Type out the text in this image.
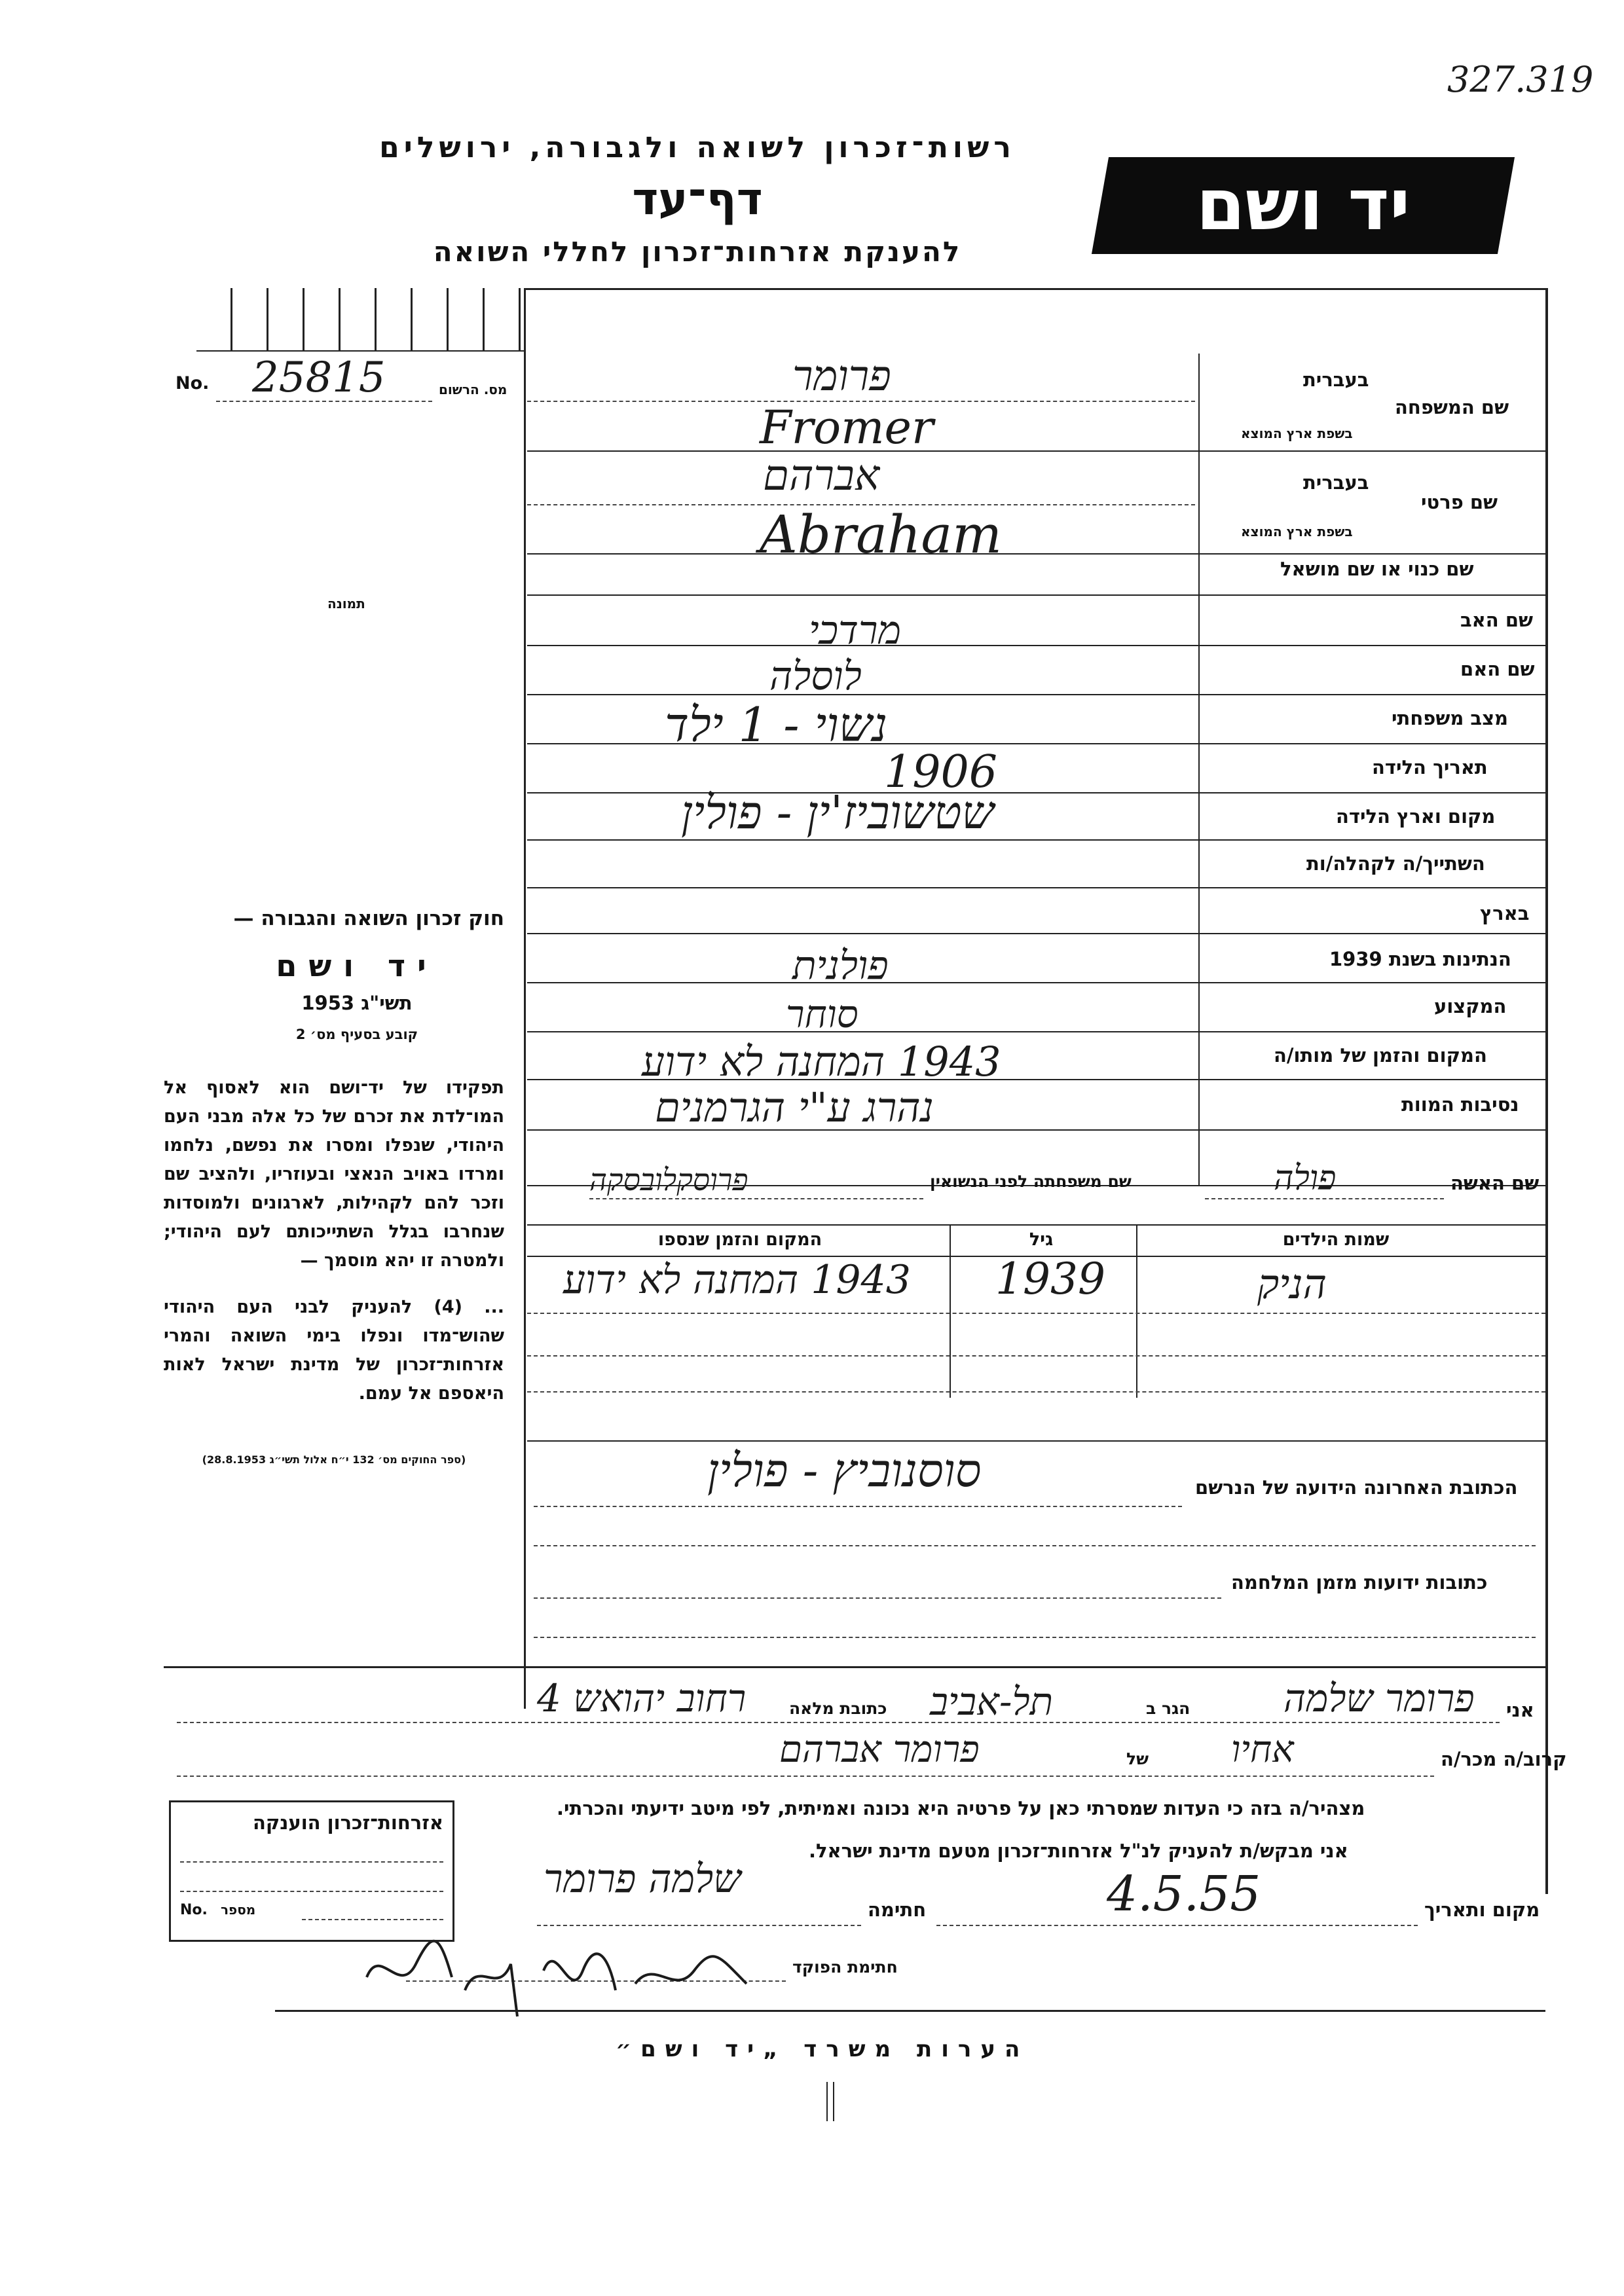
327.319
רשות־זכרון לשואה ולגבורה, ירושלים
דף־עד
להענקת אזרחות־זכרון לחללי השואה
יד ושם
No. 25815	מס. הרשום
תמונה
בעברית
שם המשפחה
בשפת ארץ המוצא
בעברית
שם פרטי
בשפת ארץ המוצא
שם כנוי או שם מושאל
שם האב
שם האם
מצב משפחתי
תאריך הלידה
מקום וארץ הלידה
השתייך/ה לקהלה/ות
בארץ
הנתינות בשנת 1939
המקצוע
המקום והזמן של מותו/ה
נסיבות המוות
פרומר
Fromer
אברהם
Abraham
מרדכי
לוסלה
נשוי - 1 ילד
1906
שטשוביז'ין - פולין
פולנית
סוחר
1943 המחנה לא ידוע
נהרג ע"י הגרמנים
שם האשה
פולה
שם משפחתה לפני הנשואין
פרוסקלובסקה
שמות הילדים
גיל
המקום והזמן שנספו
הניק
1939
1943 המחנה לא ידוע
הכתובת האחרונה הידועה של הנרשם
סוסנוביץ - פולין
כתובות ידועות מזמן המלחמה
אני
פרומר שלמה
הגר ב
תל-אביב
כתובת מלאה
רחוב יהואש 4
קרוב/ה מכר/ה
אחיו
של
פרומר אברהם
מצהיר/ה בזה כי העדות שמסרתי כאן על פרטיה היא נכונה ואמיתית, לפי מיטב ידיעתי והכרתי.
אני מבקש/ת להעניק לנ"ל אזרחות־זכרון מטעם מדינת ישראל.
מקום ותאריך
4.5.55
חתימה
שלמה פרומר
חתימת הפוקד
אזרחות־זכרון הוענקה
No. מספר
הערות משרד „יד ושם״
חוק זכרון השואה והגבורה —
יד ושם
תשי"ג 1953
קובע בסעיף מס׳ 2
תפקידו של יד־ושם הוא לאסוף אל המו־לדת את זכרם של כל אלה מבני העם היהודי, שנפלו ומסרו את נפשם, נלחמו ומרדו באויב הנאצי ובעוזריו, ולהציב שם וזכר להם לקהילות, לארגונים ולמוסדות שנחרבו בגלל השתייכותם לעם היהודי; ולמטרה זו יהא מוסמך —
... (4) להעניק לבני העם היהודי שהוש־מדו ונפלו בימי השואה והמרי אזרחות־זכרון של מדינת ישראל לאות היאספם אל עמם.
(ספר החוקים מס׳ 132 י״ח אלול תשי״ג 28.8.1953)
